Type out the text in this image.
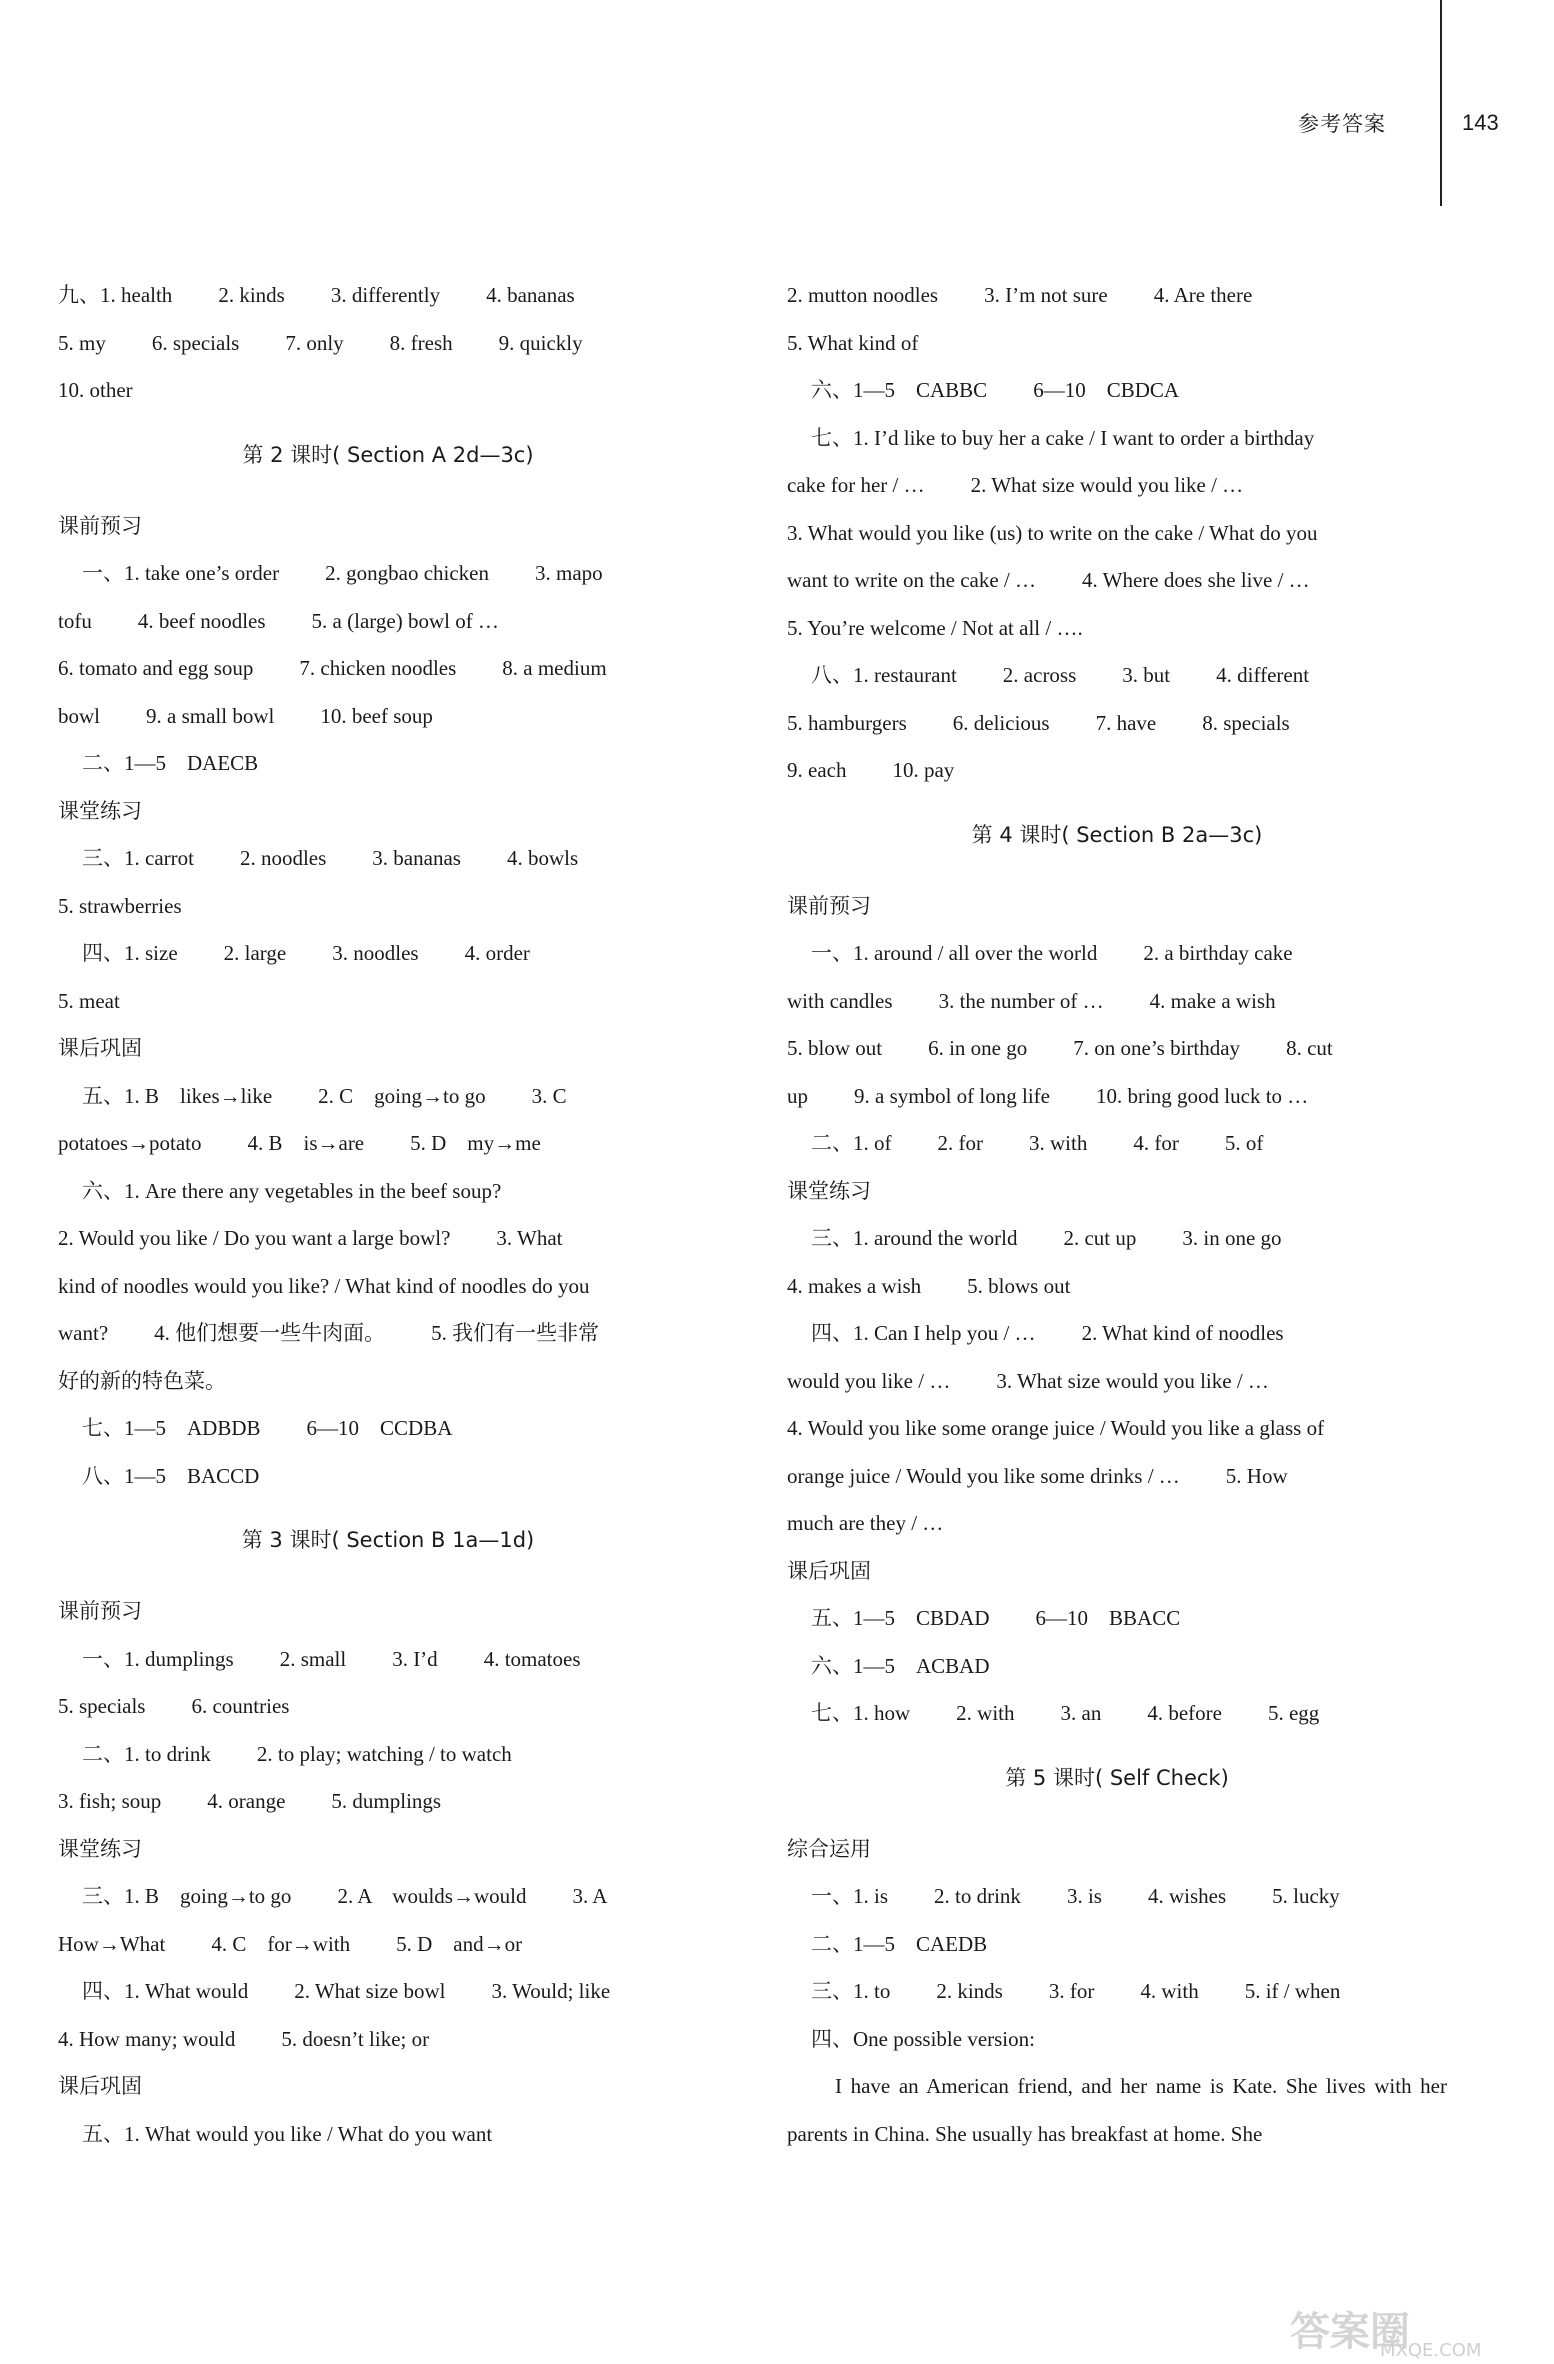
参考答案	143
九、1. health 2. kinds 3. differently 4. bananas
5. my 6. specials 7. only 8. fresh 9. quickly
10. other
第 2 课时( Section A 2d—3c)
课前预习
一、1. take one’s order 2. gongbao chicken 3. mapo
tofu 4. beef noodles 5. a (large) bowl of …
6. tomato and egg soup 7. chicken noodles 8. a medium
bowl 9. a small bowl 10. beef soup
二、1—5　DAECB
课堂练习
三、1. carrot 2. noodles 3. bananas 4. bowls
5. strawberries
四、1. size 2. large 3. noodles 4. order
5. meat
课后巩固
五、1. B　likes→like 2. C　going→to go 3. C
potatoes→potato 4. B　is→are 5. D　my→me
六、1. Are there any vegetables in the beef soup?
2. Would you like / Do you want a large bowl? 3. What
kind of noodles would you like? / What kind of noodles do you
want? 4. 他们想要一些牛肉面。 5. 我们有一些非常
好的新的特色菜。
七、1—5　ADBDB 6—10　CCDBA
八、1—5　BACCD
第 3 课时( Section B 1a—1d)
课前预习
一、1. dumplings 2. small 3. I’d 4. tomatoes
5. specials 6. countries
二、1. to drink 2. to play; watching / to watch
3. fish; soup 4. orange 5. dumplings
课堂练习
三、1. B　going→to go 2. A　woulds→would 3. A
How→What 4. C　for→with 5. D　and→or
四、1. What would 2. What size bowl 3. Would; like
4. How many; would 5. doesn’t like; or
课后巩固
五、1. What would you like / What do you want
2. mutton noodles 3. I’m not sure 4. Are there
5. What kind of
六、1—5　CABBC 6—10　CBDCA
七、1. I’d like to buy her a cake / I want to order a birthday
cake for her / … 2. What size would you like / …
3. What would you like (us) to write on the cake / What do you
want to write on the cake / … 4. Where does she live / …
5. You’re welcome / Not at all / ….
八、1. restaurant 2. across 3. but 4. different
5. hamburgers 6. delicious 7. have 8. specials
9. each 10. pay
第 4 课时( Section B 2a—3c)
课前预习
一、1. around / all over the world 2. a birthday cake
with candles 3. the number of … 4. make a wish
5. blow out 6. in one go 7. on one’s birthday 8. cut
up 9. a symbol of long life 10. bring good luck to …
二、1. of 2. for 3. with 4. for 5. of
课堂练习
三、1. around the world 2. cut up 3. in one go
4. makes a wish 5. blows out
四、1. Can I help you / … 2. What kind of noodles
would you like / … 3. What size would you like / …
4. Would you like some orange juice / Would you like a glass of
orange juice / Would you like some drinks / … 5. How
much are they / …
课后巩固
五、1—5　CBDAD 6—10　BBACC
六、1—5　ACBAD
七、1. how 2. with 3. an 4. before 5. egg
第 5 课时( Self Check)
综合运用
一、1. is 2. to drink 3. is 4. wishes 5. lucky
二、1—5　CAEDB
三、1. to 2. kinds 3. for 4. with 5. if / when
四、One possible version:
I have an American friend, and her name is Kate. She lives with her parents in China. She usually has breakfast at home. She
答案圈
MXQE.COM
